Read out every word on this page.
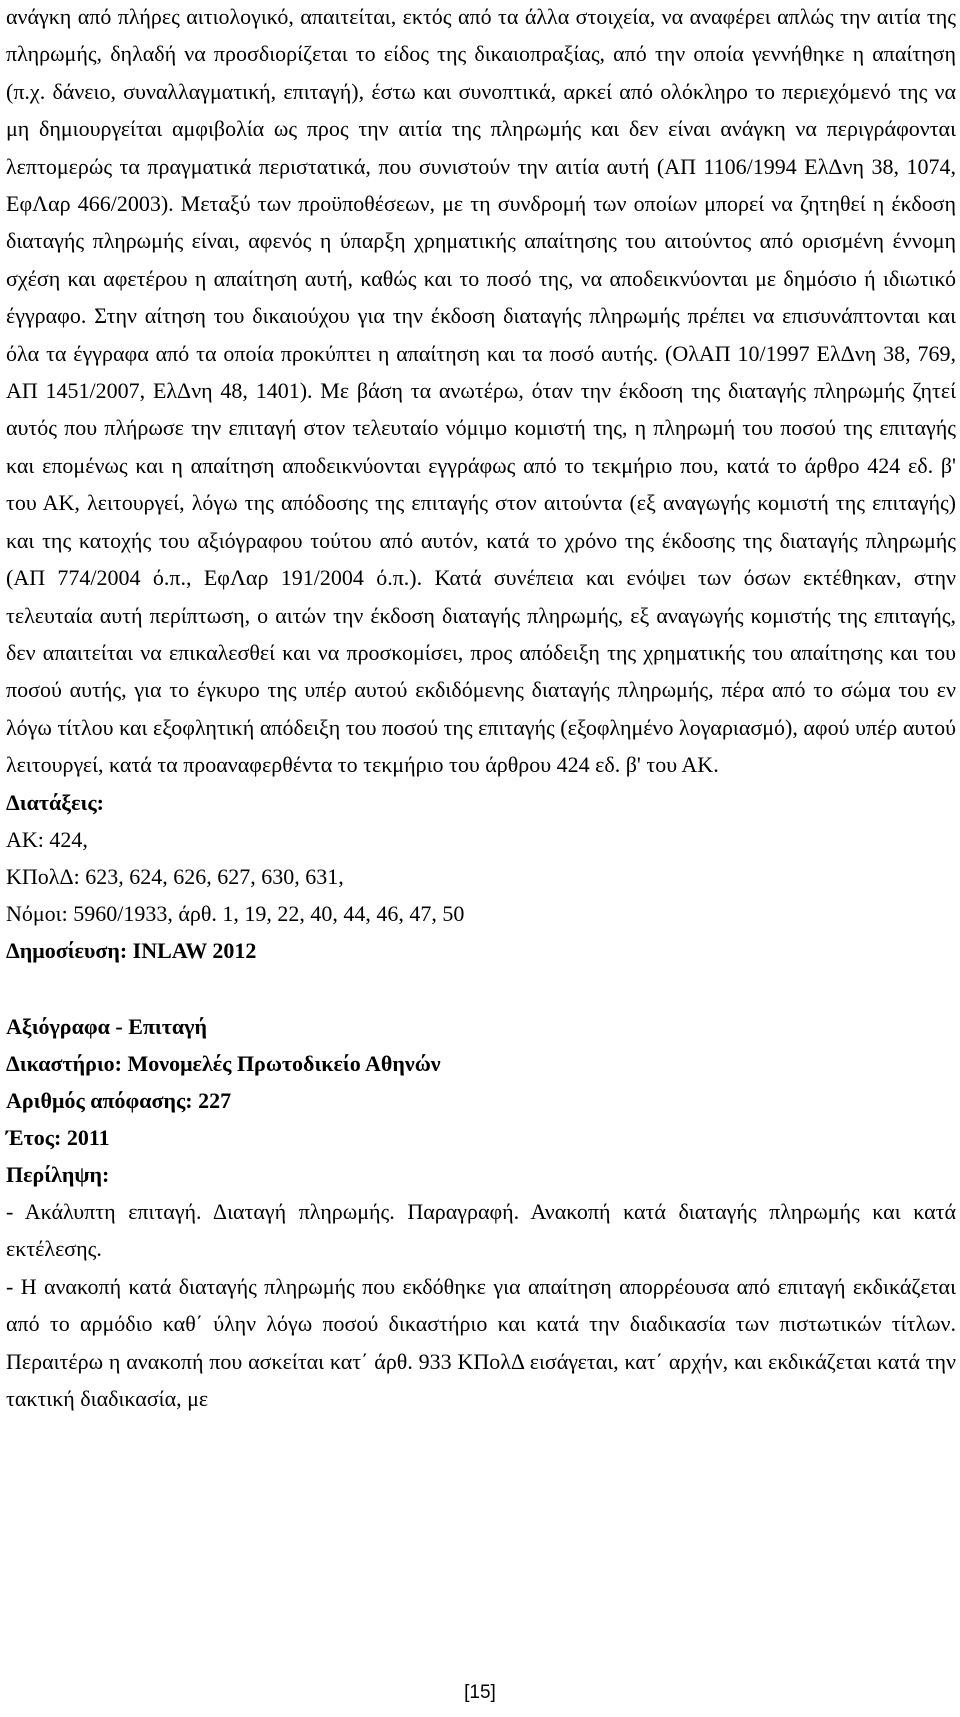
ανάγκη από πλήρες αιτιολογικό, απαιτείται, εκτός από τα άλλα στοιχεία, να αναφέρει απλώς την αιτία της πληρωμής, δηλαδή να προσδιορίζεται το είδος της δικαιοπραξίας, από την οποία γεννήθηκε η απαίτηση (π.χ. δάνειο, συναλλαγματική, επιταγή), έστω και συνοπτικά, αρκεί από ολόκληρο το περιεχόμενό της να μη δημιουργείται αμφιβολία ως προς την αιτία της πληρωμής και δεν είναι ανάγκη να περιγράφονται λεπτομερώς τα πραγματικά περιστατικά, που συνιστούν την αιτία αυτή (ΑΠ 1106/1994 ΕλΔνη 38, 1074, ΕφΛαρ 466/2003). Μεταξύ των προϋποθέσεων, με τη συνδρομή των οποίων μπορεί να ζητηθεί η έκδοση διαταγής πληρωμής είναι, αφενός η ύπαρξη χρηματικής απαίτησης του αιτούντος από ορισμένη έννομη σχέση και αφετέρου η απαίτηση αυτή, καθώς και το ποσό της, να αποδεικνύονται με δημόσιο ή ιδιωτικό έγγραφο. Στην αίτηση του δικαιούχου για την έκδοση διαταγής πληρωμής πρέπει να επισυνάπτονται και όλα τα έγγραφα από τα οποία προκύπτει η απαίτηση και τα ποσό αυτής. (ΟλΑΠ 10/1997 ΕλΔνη 38, 769, ΑΠ 1451/2007, ΕλΔνη 48, 1401). Με βάση τα ανωτέρω, όταν την έκδοση της διαταγής πληρωμής ζητεί αυτός που πλήρωσε την επιταγή στον τελευταίο νόμιμο κομιστή της, η πληρωμή του ποσού της επιταγής και επομένως και η απαίτηση αποδεικνύονται εγγράφως από το τεκμήριο που, κατά το άρθρο 424 εδ. β' του ΑΚ, λειτουργεί, λόγω της απόδοσης της επιταγής στον αιτούντα (εξ αναγωγής κομιστή της επιταγής) και της κατοχής του αξιόγραφου τούτου από αυτόν, κατά το χρόνο της έκδοσης της διαταγής πληρωμής (ΑΠ 774/2004 ό.π., ΕφΛαρ 191/2004 ό.π.). Κατά συνέπεια και ενόψει των όσων εκτέθηκαν, στην τελευταία αυτή περίπτωση, ο αιτών την έκδοση διαταγής πληρωμής, εξ αναγωγής κομιστής της επιταγής, δεν απαιτείται να επικαλεσθεί και να προσκομίσει, προς απόδειξη της χρηματικής του απαίτησης και του ποσού αυτής, για το έγκυρο της υπέρ αυτού εκδιδόμενης διαταγής πληρωμής, πέρα από το σώμα του εν λόγω τίτλου και εξοφλητική απόδειξη του ποσού της επιταγής (εξοφλημένο λογαριασμό), αφού υπέρ αυτού λειτουργεί, κατά τα προαναφερθέντα το τεκμήριο του άρθρου 424 εδ. β' του ΑΚ.

Διατάξεις:
ΑΚ: 424,
ΚΠολΔ: 623, 624, 626, 627, 630, 631,
Νόμοι: 5960/1933, άρθ. 1, 19, 22, 40, 44, 46, 47, 50
Δημοσίευση: INLAW 2012
Αξιόγραφα - Επιταγή
Δικαστήριο: Μονομελές Πρωτοδικείο Αθηνών
Αριθμός απόφασης: 227
Έτος: 2011
Περίληψη:

- Ακάλυπτη επιταγή. Διαταγή πληρωμής. Παραγραφή. Ανακοπή κατά διαταγής πληρωμής και κατά εκτέλεσης.

- Η ανακοπή κατά διαταγής πληρωμής που εκδόθηκε για απαίτηση απορρέουσα από επιταγή εκδικάζεται από το αρμόδιο καθ΄ ύλην λόγω ποσού δικαστήριο και κατά την διαδικασία των πιστωτικών τίτλων. Περαιτέρω η ανακοπή που ασκείται κατ΄ άρθ. 933 ΚΠολΔ εισάγεται, κατ΄ αρχήν, και εκδικάζεται κατά την τακτική διαδικασία, με

[15]
